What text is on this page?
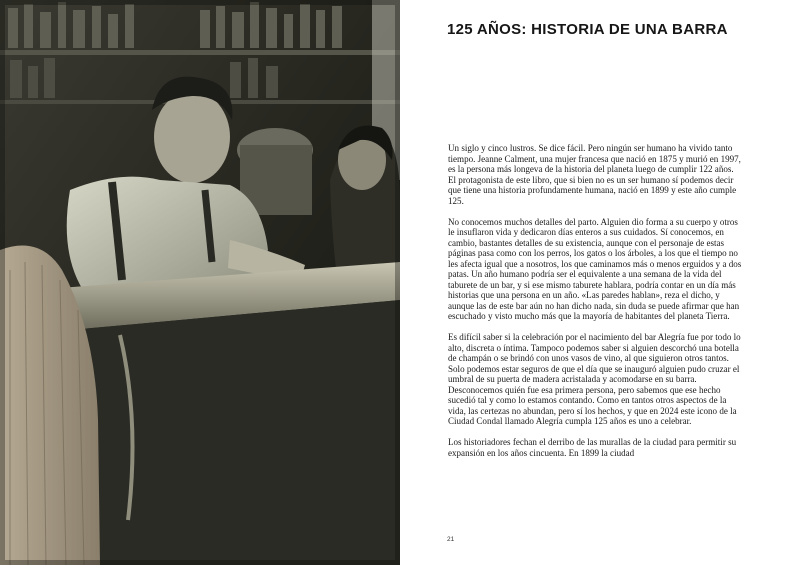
125 AÑOS: HISTORIA DE UNA BARRA

Un siglo y cinco lustros. Se dice fácil. Pero ningún ser humano ha vivido tanto tiempo. Jeanne Calment, una mujer francesa que nació en 1875 y murió en 1997, es la persona más longeva de la historia del planeta luego de cumplir 122 años. El protagonista de este libro, que si bien no es un ser humano sí podemos decir que tiene una historia profundamente humana, nació en 1899 y este año cumple 125.

No conocemos muchos detalles del parto. Alguien dio forma a su cuerpo y otros le insuflaron vida y dedicaron días enteros a sus cuidados. Sí conocemos, en cambio, bastantes detalles de su existencia, aunque con el personaje de estas páginas pasa como con los perros, los gatos o los árboles, a los que el tiempo no les afecta igual que a nosotros, los que caminamos más o menos erguidos y a dos patas. Un año humano podría ser el equivalente a una semana de la vida del taburete de un bar, y si ese mismo taburete hablara, podría contar en un día más historias que una persona en un año. «Las paredes hablan», reza el dicho, y aunque las de este bar aún no han dicho nada, sin duda se puede afirmar que han escuchado y visto mucho más que la mayoría de habitantes del planeta Tierra.

Es difícil saber si la celebración por el nacimiento del bar Alegría fue por todo lo alto, discreta o íntima. Tampoco podemos saber si alguien descorchó una botella de champán o se brindó con unos vasos de vino, al que siguieron otros tantos. Solo podemos estar seguros de que el día que se inauguró alguien pudo cruzar el umbral de su puerta de madera acristalada y acomodarse en su barra. Desconocemos quién fue esa primera persona, pero sabemos que ese hecho sucedió tal y como lo estamos contando. Como en tantos otros aspectos de la vida, las certezas no abundan, pero sí los hechos, y que en 2024 este icono de la Ciudad Condal llamado Alegría cumpla 125 años es uno a celebrar.

Los historiadores fechan el derribo de las murallas de la ciudad para permitir su expansión en los años cincuenta. En 1899 la ciudad

21
